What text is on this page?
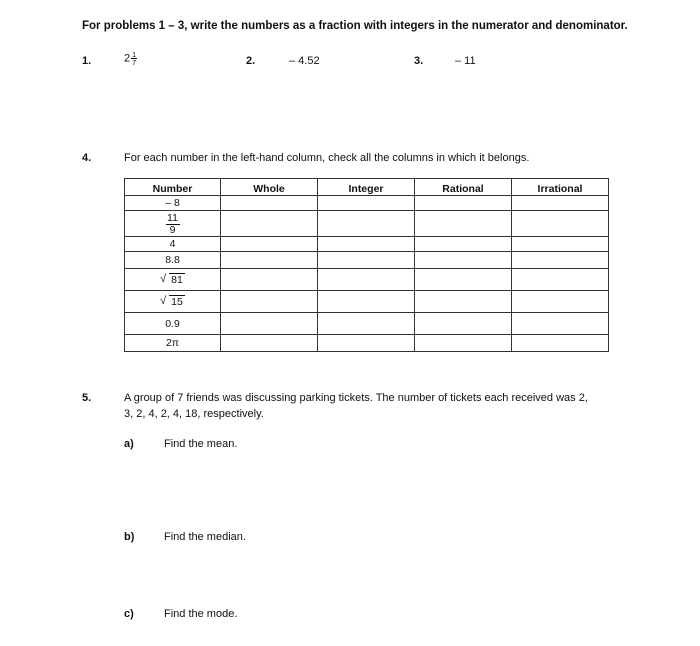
For problems 1 – 3, write the numbers as a fraction with integers in the numerator and denominator.
1.	$2 \frac{1}{7}$	2.	– 4.52	3.	– 11
4.	For each number in the left-hand column, check all the columns in which it belongs.
Number	Whole	Integer	Rational	Irrational
– 8				

$\frac{11}{9}$

4				
8.8				

√ 81				

√ 15				
0.9				
2π				
5.	A group of 7 friends was discussing parking tickets. The number of tickets each received was 2,
3, 2, 4, 2, 4, 18, respectively.
a)	Find the mean.
b)	Find the median.
c)	Find the mode.
